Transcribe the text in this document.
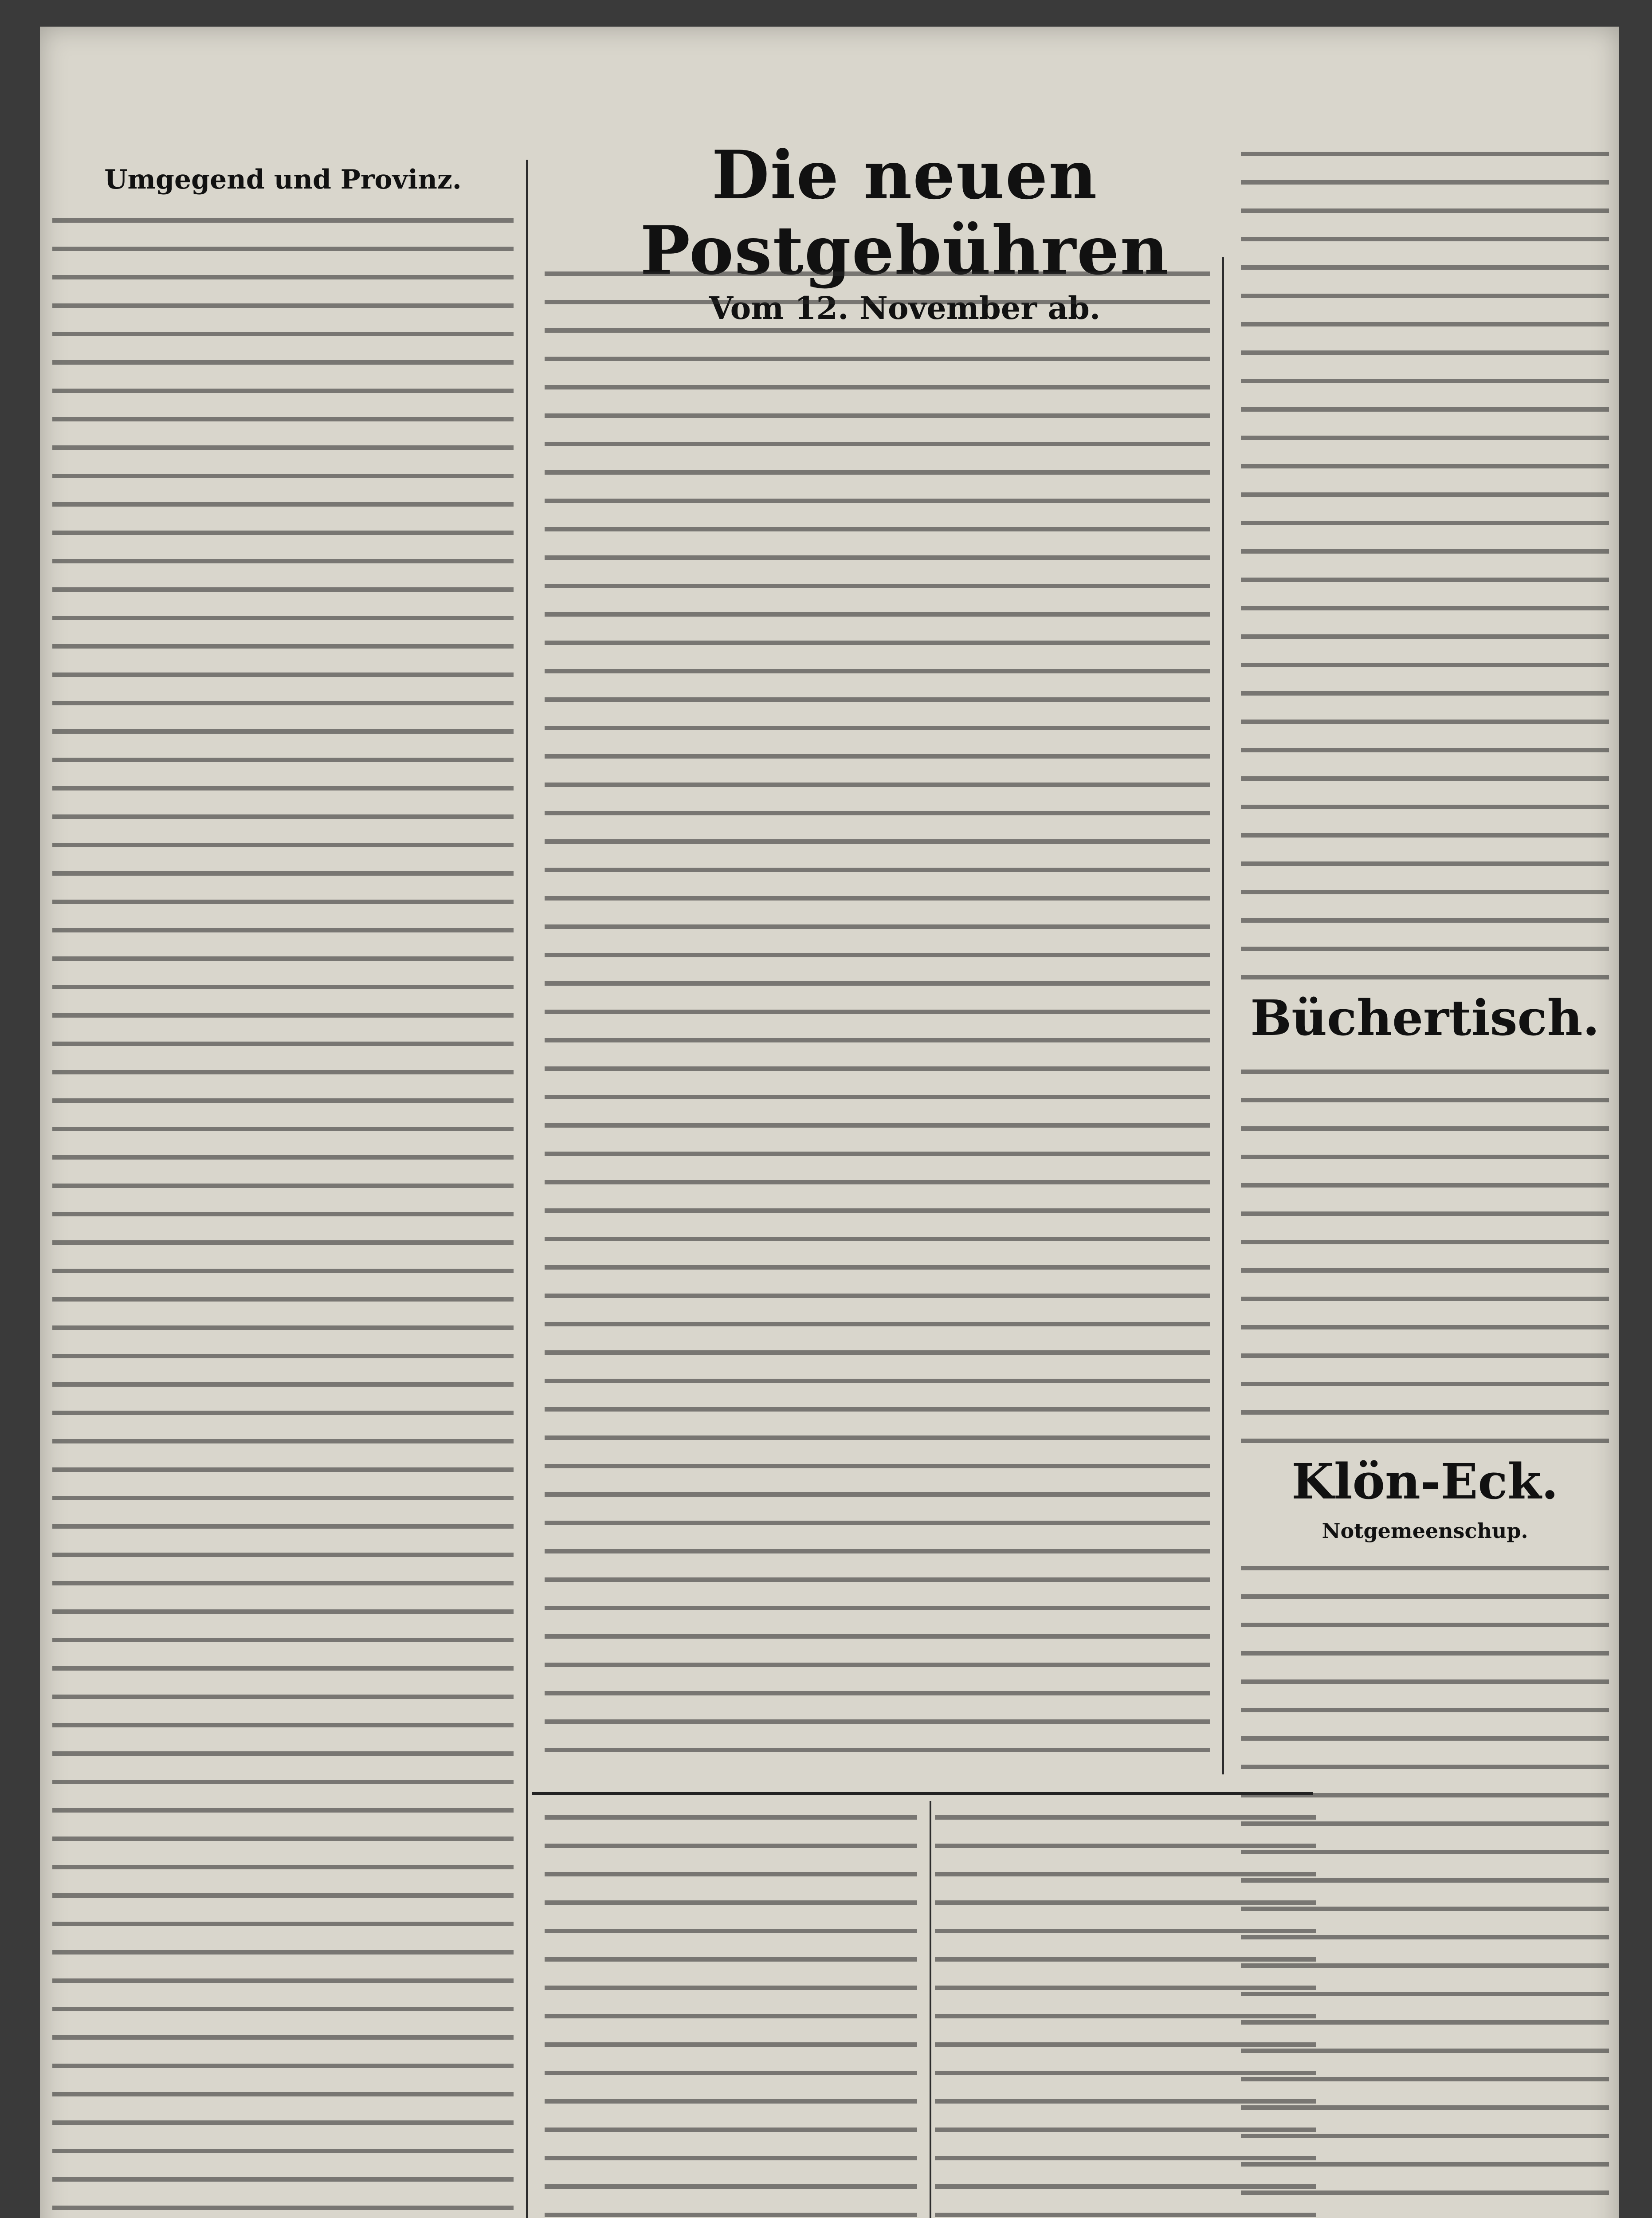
Die neuen Postgebühren
Vom 12. November ab.
Umgegend und Provinz.
Büchertisch.
Klön-Eck.
Notgemeenschup.
